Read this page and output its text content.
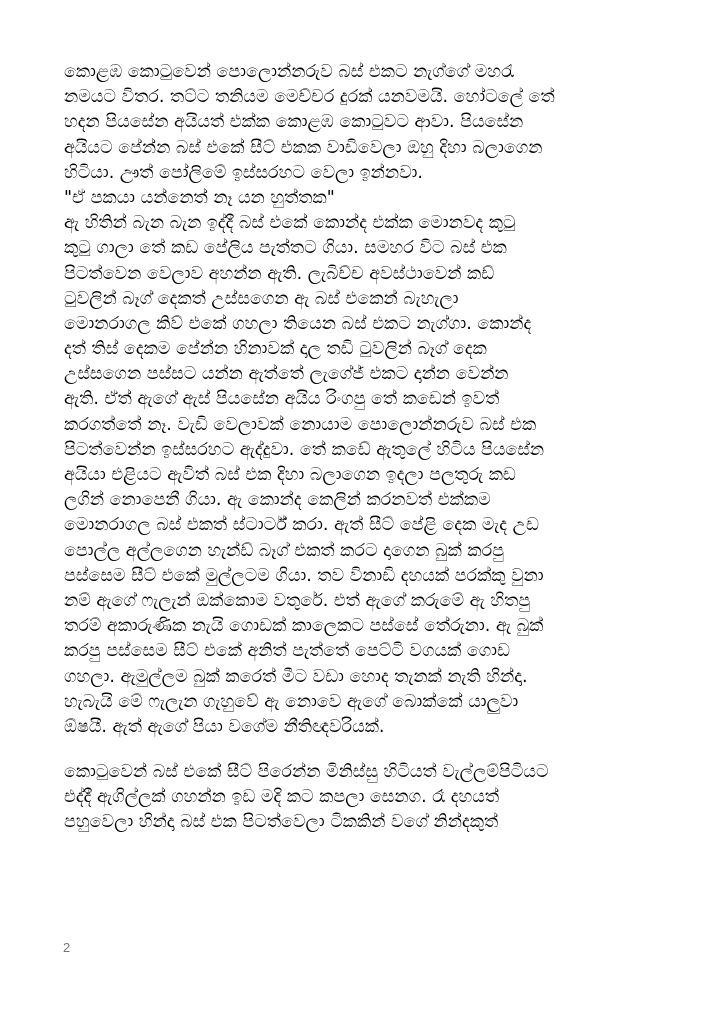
කොළඹ කොටුවෙන් පොලොන්නරුව බස් එකට නැග්ගේ මහරැ
නමයට විතර. තට්ට තනියම මෙච්චර දුරක් යනවමයි. හෝටලේ තේ
හදන පියසේන අයියත් එක්ක කොළඹ කොටුවට ආවා. පියසේන
අයියට පේන්න බස් එකේ සීට් එකක වාඩිවෙලා ඔහු දිහා බලාගෙන
හිටියා. ඌත් පෝලිමේ ඉස්සරහට වෙලා ඉන්නවා.
"ඒ පකයා යන්නෙත් නෑ යන හුත්තක"
ඇ හිතින් බැන බැන ඉද්දී බස් එකේ කොන්ද එක්ක මොනවද කුටු
කුටු ගාලා තේ කඩ පේලිය පැත්තට ගියා. සමහර විට බස් එක
පිටත්වෙන වෙලාව අහන්න ඇති. ලැබිච්ච අවස්ථාවෙන් කඩ්
ටුවලින් බෑග් දෙකත් උස්සගෙන ඇ බස් එකෙන් බැහැලා
මොනරාගල කිව් එකේ ගහලා තියෙන බස් එකට නැග්ගා. කොන්ද
දත් තිස් දෙකම පේන්න හිනාවක් දාල තඩි ටුවලින් බෑග් දෙක
උස්සගෙන පස්සට යන්න ඇත්තේ ලැගේජ් එකට දාන්න වෙන්න
ඇති. ඒත් ඇගේ ඇස් පියසේන අයිය රිංගපු තේ කඩෙන් ඉවත්
කරගත්තේ නෑ. වැඩි වෙලාවක් නොයාම පොලොන්නරුව බස් එක
පිටත්වෙන්න ඉස්සරහට ඇද්දුවා. තේ කඩේ ඇතුලේ හිටිය පියසේන
අයියා එළියට ඇවිත් බස් එක දිහා බලාගෙන ඉදලා පලතුරු කඩ
ලගින් නොපෙනී ගියා. ඇ කොන්ද කෙලින් කරනවත් එක්කම
මොනරාගල බස් එකත් ස්ටාර්ට් කරා. ඇත් සීට් පේළි දෙක මැද උඩ
පොල්ල අල්ලගෙන හැන්ඩ් බෑග් එකත් කරට දාගෙන බුක් කරපු
පස්සෙම සීට් එකේ මුල්ලටම ගියා. තව විනාඩි දහයක් පරක්කු වුනා
නම් ඇගේ ෆැලැන් ඔක්කොම වතුරේ. එත් ඇගේ කරුමේ ඇ හිතපු
තරම් අකාරුණික නැයි ගොඩක් කාලෙකට පස්සේ තේරුනා. ඇ බුක්
කරපු පස්සෙම සීට් එකේ අනිත් පැත්තේ පෙට්ටි වගයක් ගොඩ
ගහලා. ඇමුල්ලම බුක් කරෙත් මීට වඩා හොද තැනක් නැති හින්දා.
හැබැයි මේ ෆැලැන ගැහුවේ ඇ නොවෙ ඇගේ බොක්කේ යාලුවා
ඕෂයී. ඇත් ඇගේ පියා වගේම නීතිඥවරියක්.
කොටුවෙන් බස් එකේ සීට් පිරෙන්න මිනිස්සු හිටියත් වැල්ලම්පිටියට
එද්දී ඇගිල්ලක් ගහන්න ඉඩ මදි කට කපලා සෙනග. රෑ දහයත්
පහුවෙලා හින්දා බස් එක පිටත්වෙලා ටිකකින් වගේ නින්දකුත්
2
